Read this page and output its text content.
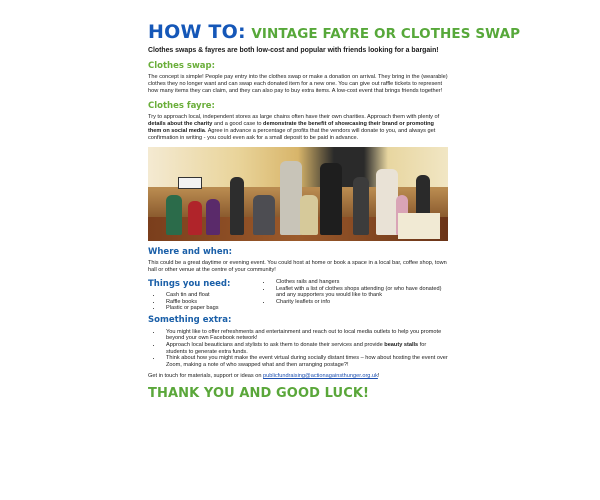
HOW TO: VINTAGE FAYRE OR CLOTHES SWAP
Clothes swaps & fayres are both low-cost and popular with friends looking for a bargain!
Clothes swap:

The concept is simple! People pay entry into the clothes swap or make a donation on arrival. They bring in the (wearable) clothes they no longer want and can swap each donated item for a new one. You can give out raffle tickets to represent how many items they can claim, and they can also pay to buy extra items. A low-cost event that brings friends together!

Clothes fayre:

Try to approach local, independent stores as large chains often have their own charities. Approach them with plenty of details about the charity and a good case to demonstrate the benefit of showcasing their brand or promoting them on social media. Agree in advance a percentage of profits that the vendors will donate to you, and always get confirmation in writing - you could even ask for a small deposit to be paid in advance.

Where and when:

This could be a great daytime or evening event. You could host at home or book a space in a local bar, coffee shop, town hall or other venue at the centre of your community!

Things you need:
• Cash tin and float
• Raffle books
• Plastic or paper bags
• Clothes rails and hangers
• Leaflet with a list of clothes shops attending (or who have donated) and any supporters you would like to thank
• Charity leaflets or info
Something extra:
• You might like to offer refreshments and entertainment and reach out to local media outlets to help you promote beyond your own Facebook network!
• Approach local beauticians and stylists to ask them to donate their services and provide beauty stalls for students to generate extra funds.
• Think about how you might make the event virtual during socially distant times – how about hosting the event over Zoom, making a note of who swapped what and then arranging postage?!
Get in touch for materials, support or ideas on publicfundraising@actionagainsthunger.org.uk!
THANK YOU AND GOOD LUCK!
